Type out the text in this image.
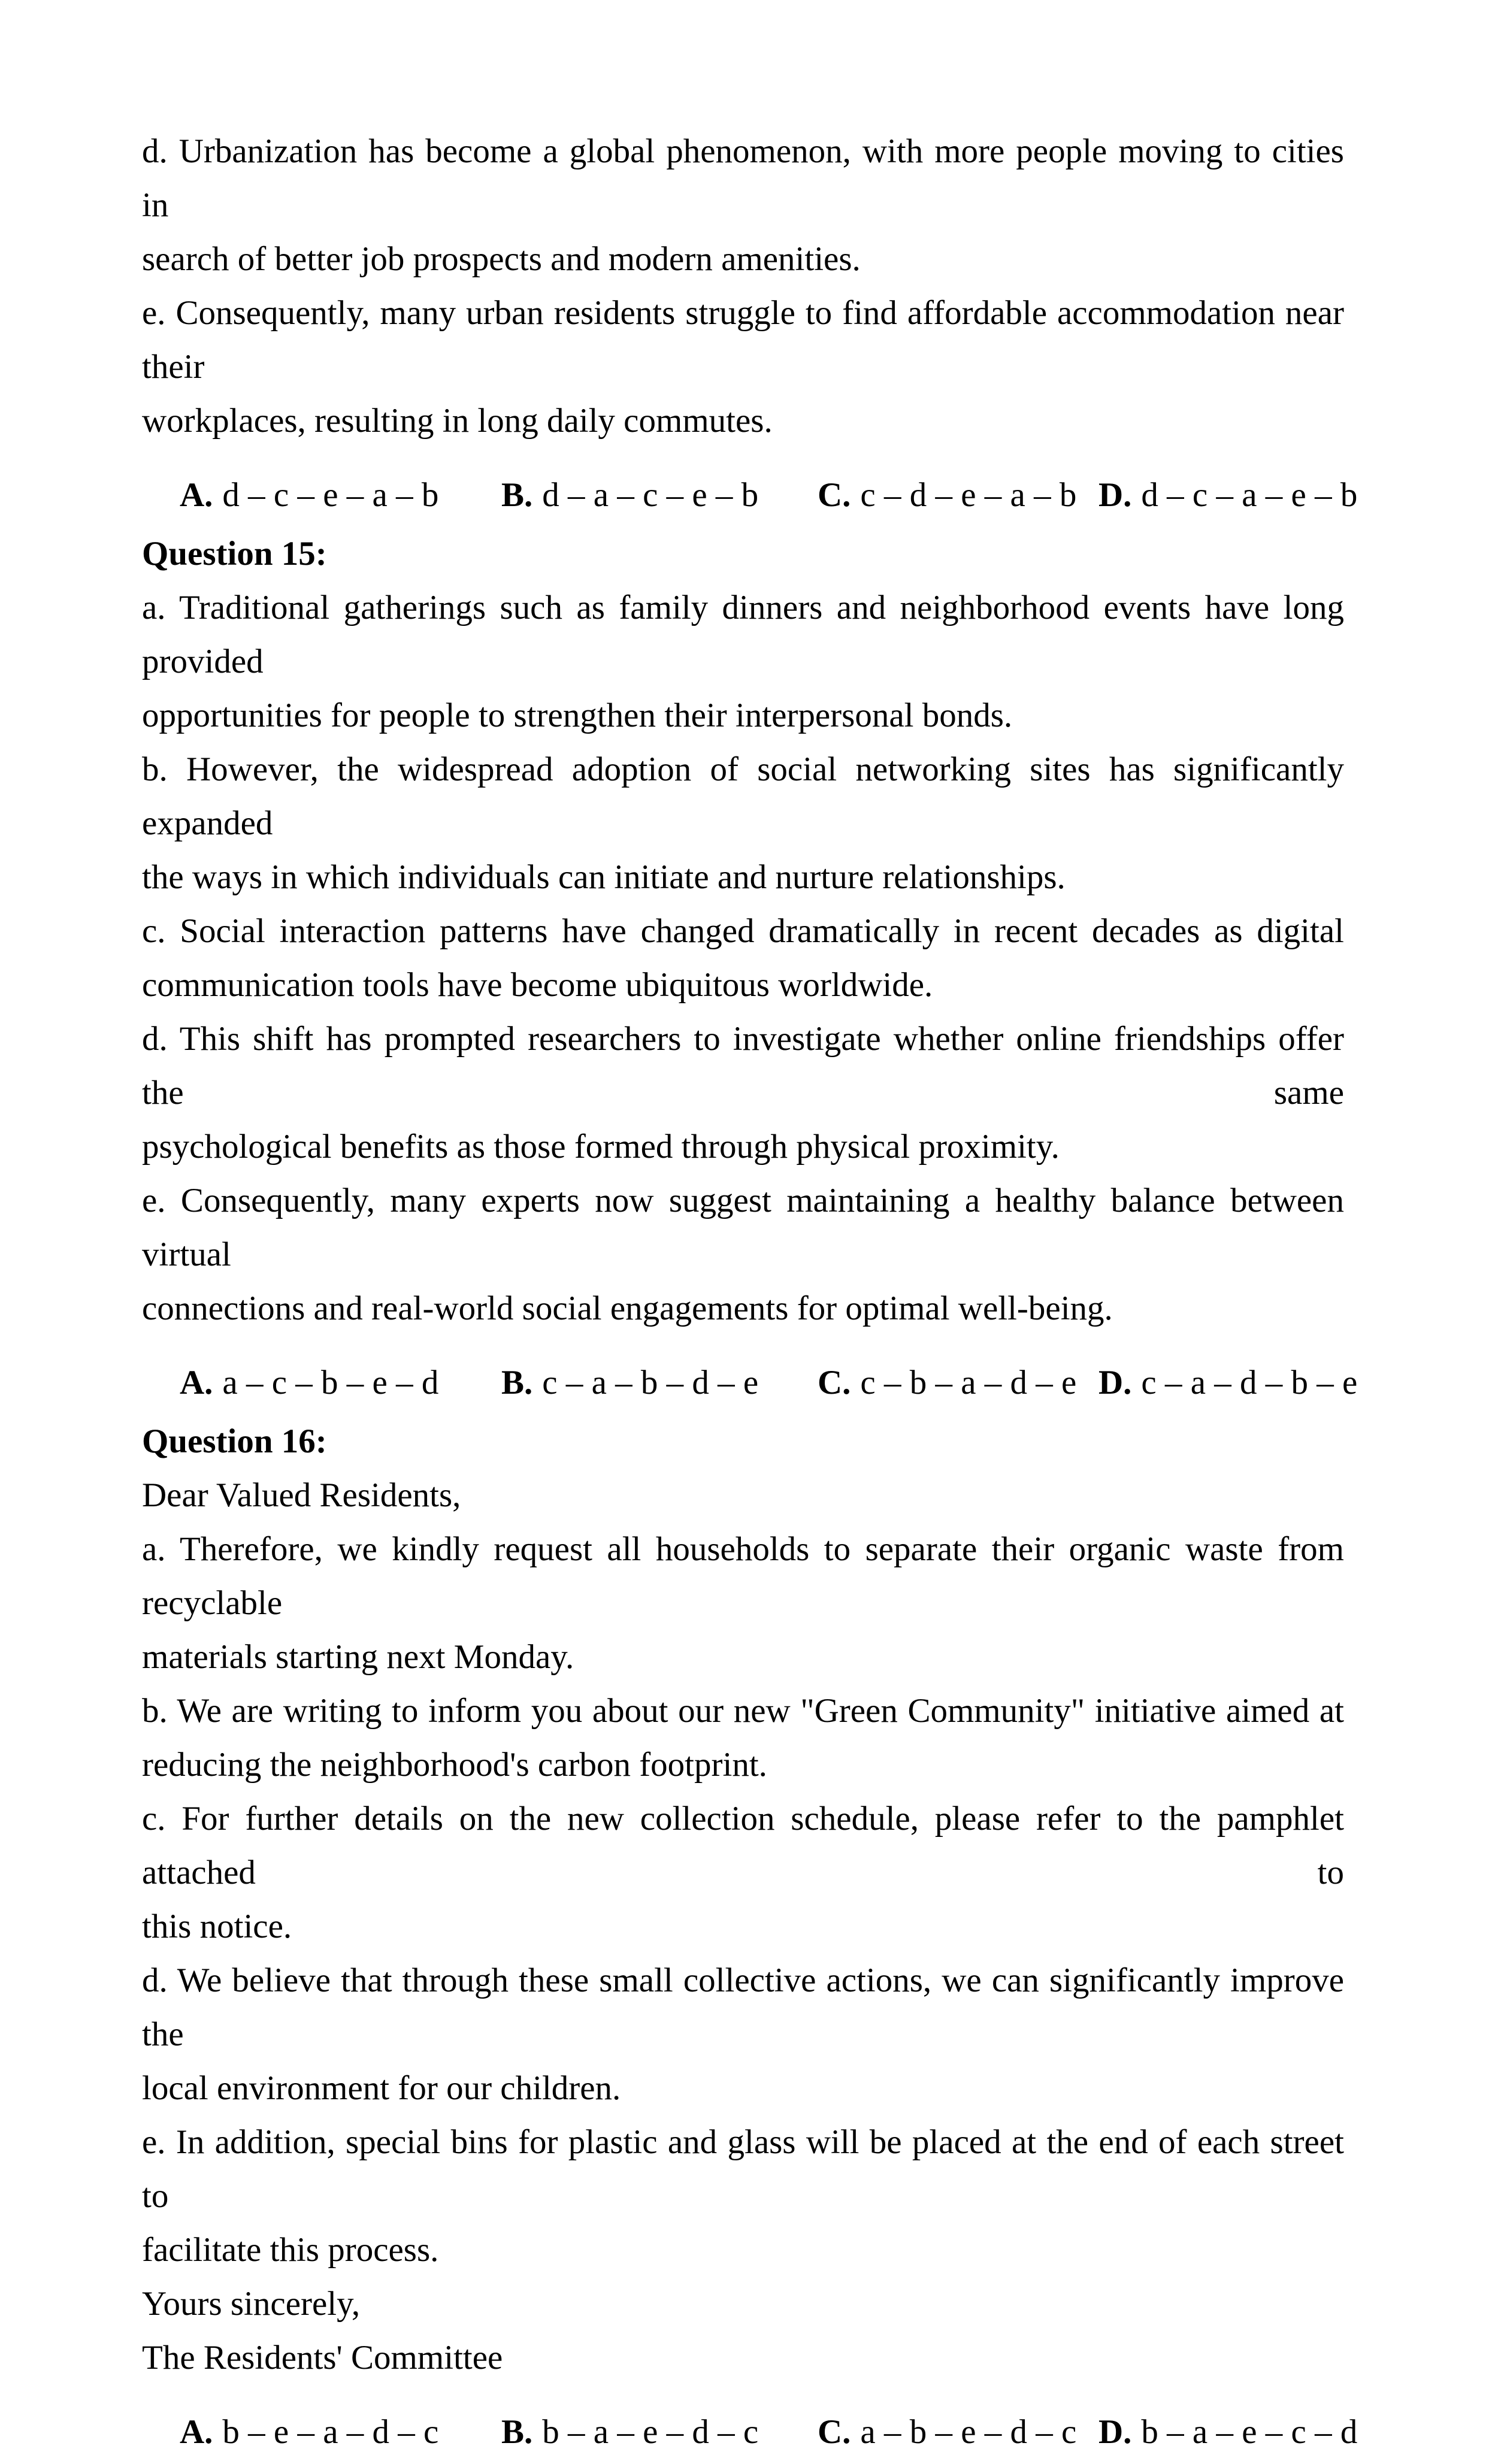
d. Urbanization has become a global phenomenon, with more people moving to cities in
search of better job prospects and modern amenities.
e. Consequently, many urban residents struggle to find affordable accommodation near their
workplaces, resulting in long daily commutes.
A. d – c – e – a – b B. d – a – c – e – b C. c – d – e – a – b D. d – c – a – e – b
Question 15:
a. Traditional gatherings such as family dinners and neighborhood events have long provided
opportunities for people to strengthen their interpersonal bonds.
b. However, the widespread adoption of social networking sites has significantly expanded
the ways in which individuals can initiate and nurture relationships.
c. Social interaction patterns have changed dramatically in recent decades as digital
communication tools have become ubiquitous worldwide.
d. This shift has prompted researchers to investigate whether online friendships offer the same
psychological benefits as those formed through physical proximity.
e. Consequently, many experts now suggest maintaining a healthy balance between virtual
connections and real-world social engagements for optimal well-being.
A. a – c – b – e – d B. c – a – b – d – e C. c – b – a – d – e D. c – a – d – b – e
Question 16:
Dear Valued Residents,
a. Therefore, we kindly request all households to separate their organic waste from recyclable
materials starting next Monday.
b. We are writing to inform you about our new "Green Community" initiative aimed at
reducing the neighborhood's carbon footprint.
c. For further details on the new collection schedule, please refer to the pamphlet attached to
this notice.
d. We believe that through these small collective actions, we can significantly improve the
local environment for our children.
e. In addition, special bins for plastic and glass will be placed at the end of each street to
facilitate this process.
Yours sincerely,
The Residents' Committee
A. b – e – a – d – c B. b – a – e – d – c C. a – b – e – d – c D. b – a – e – c – d
